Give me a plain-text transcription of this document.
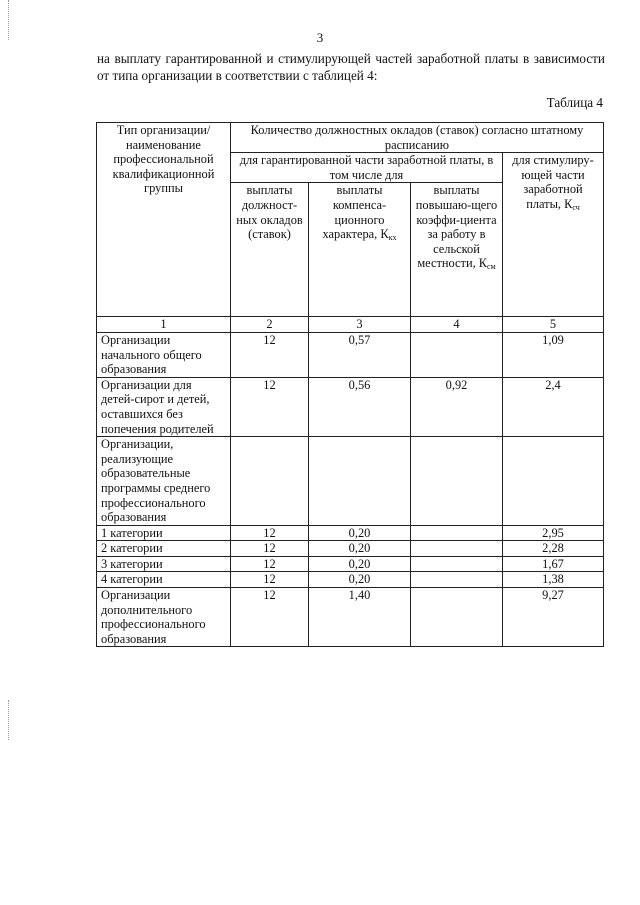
3
на выплату гарантированной и стимулирующей частей заработной платы в зависимости от типа организации в соответствии с таблицей 4:
Таблица 4
Тип организации/ наименование профессиональной квалификационной группы	Количество должностных окладов (ставок) согласно штатному расписанию			
	для гарантированной части заработной платы, в том числе для			для стимулиру-ющей части заработной платы, $К_{сч}$
	выплаты должност-ных окладов (ставок)	выплаты компенса-ционного характера, $К_{кх}$	выплаты повышаю-щего коэффи-циента за работу в сельской местности, $К_{см}$
1	2	3	4	5
Организации начального общего образования	12	0,57		1,09
Организации для детей-сирот и детей, оставшихся без попечения родителей	12	0,56	0,92	2,4
Организации, реализующие образовательные программы среднего профессионального образования				
1 категории	12	0,20		2,95
2 категории	12	0,20		2,28
3 категории	12	0,20		1,67
4 категории	12	0,20		1,38
Организации дополнительного профессионального образования	12	1,40		9,27
